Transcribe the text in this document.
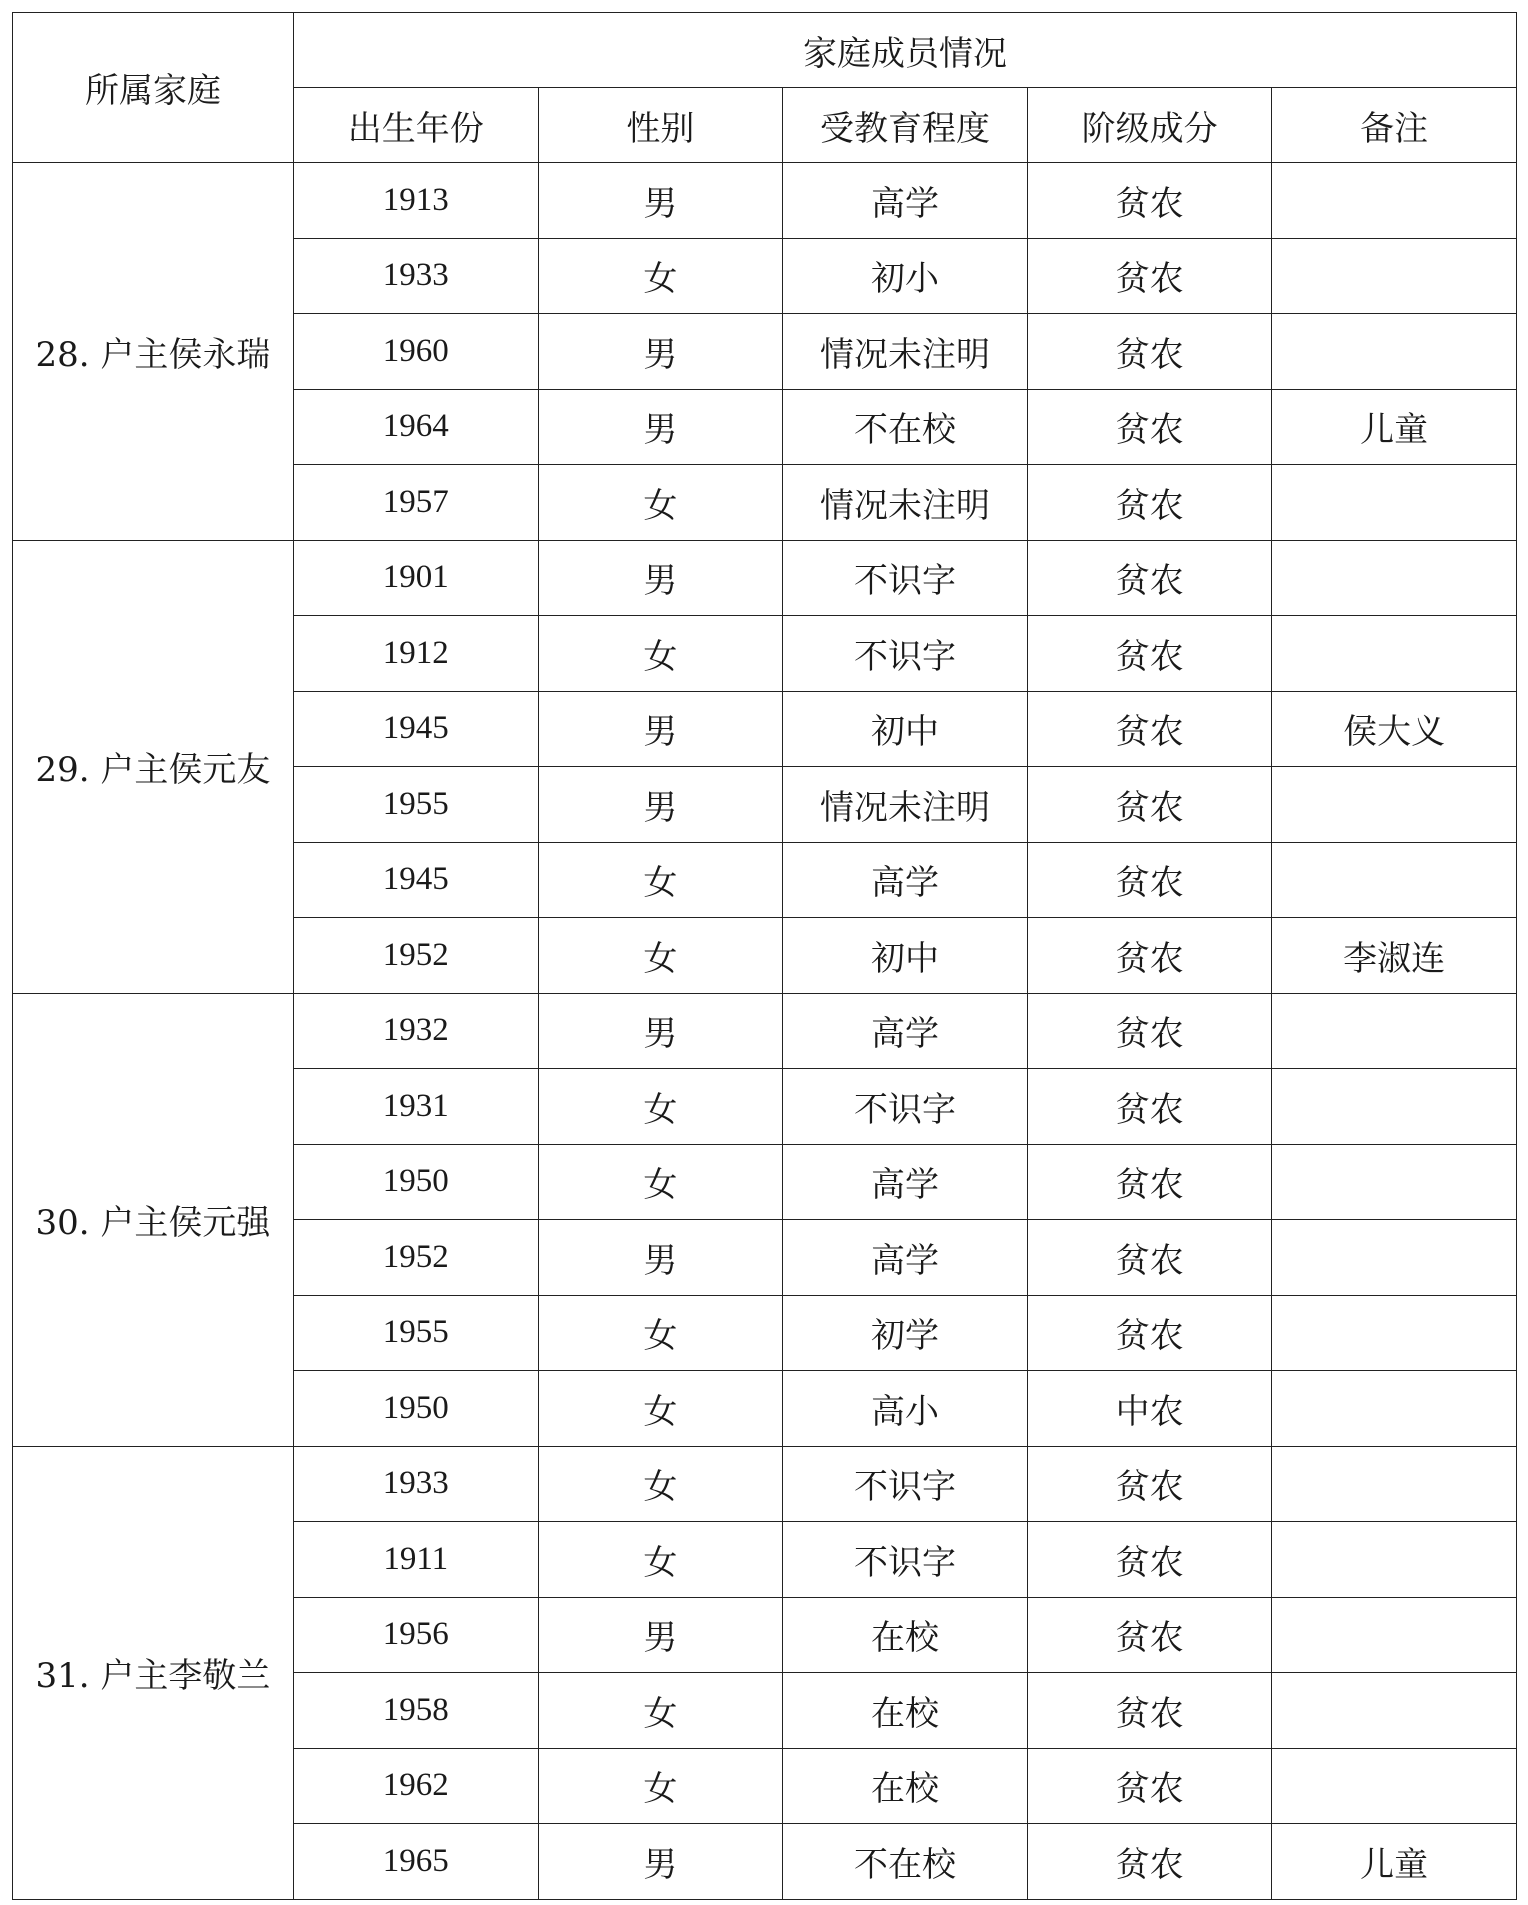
所属家庭	家庭成员情况				
	出生年份	性别	受教育程度	阶级成分	备注
28. 户主侯永瑞	1913	男	高学	贫农	
	1933	女	初小	贫农	
	1960	男	情况未注明	贫农	
	1964	男	不在校	贫农	儿童
	1957	女	情况未注明	贫农	
29. 户主侯元友	1901	男	不识字	贫农	
	1912	女	不识字	贫农	
	1945	男	初中	贫农	侯大义
	1955	男	情况未注明	贫农	
	1945	女	高学	贫农	
	1952	女	初中	贫农	李淑连
30. 户主侯元强	1932	男	高学	贫农	
	1931	女	不识字	贫农	
	1950	女	高学	贫农	
	1952	男	高学	贫农	
	1955	女	初学	贫农	
	1950	女	高小	中农	
31. 户主李敬兰	1933	女	不识字	贫农	
	1911	女	不识字	贫农	
	1956	男	在校	贫农	
	1958	女	在校	贫农	
	1962	女	在校	贫农	
	1965	男	不在校	贫农	儿童
